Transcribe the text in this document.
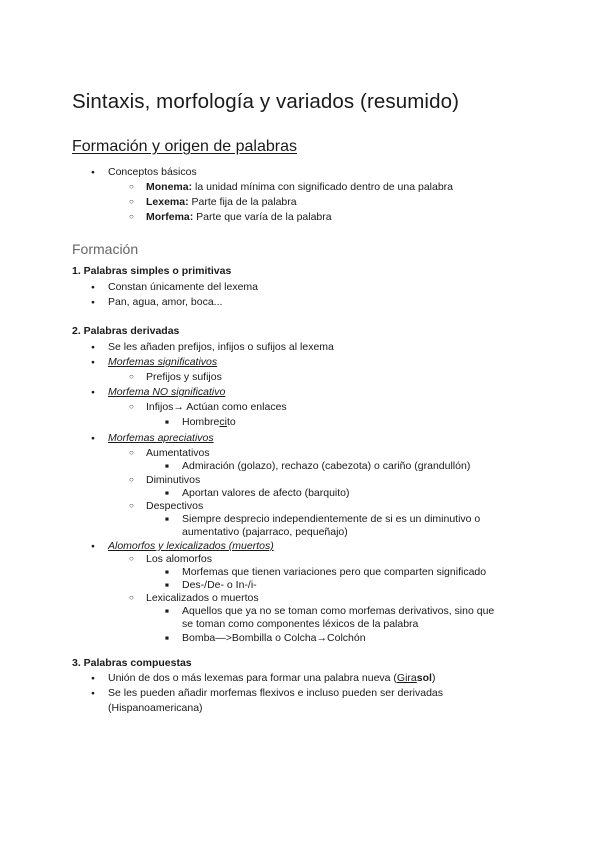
Sintaxis, morfología y variados (resumido)
Formación y origen de palabras
●
Conceptos básicos
○
Monema: la unidad mínima con significado dentro de una palabra
○
Lexema: Parte fija de la palabra
○
Morfema: Parte que varía de la palabra
Formación
1. Palabras simples o primitivas
●
Constan únicamente del lexema
●
Pan, agua, amor, boca...
2. Palabras derivadas
●
Se les añaden prefijos, infijos o sufijos al lexema
●
Morfemas significativos
○
Prefijos y sufijos
●
Morfema NO significativo
○
Infijos→ Actúan como enlaces
■
Hombrecito
●
Morfemas apreciativos
○
Aumentativos
■
Admiración (golazo), rechazo (cabezota) o cariño (grandullón)
○
Diminutivos
■
Aportan valores de afecto (barquito)
○
Despectivos
■
Siempre desprecio independientemente de si es un diminutivo o
aumentativo (pajarraco, pequeñajo)
●
Alomorfos y lexicalizados (muertos)
○
Los alomorfos
■
Morfemas que tienen variaciones pero que comparten significado
■
Des-/De- o In-/i-
○
Lexicalizados o muertos
■
Aquellos que ya no se toman como morfemas derivativos, sino que
se toman como componentes léxicos de la palabra
■
Bomba—>Bombilla o Colcha→Colchón
3. Palabras compuestas
●
Unión de dos o más lexemas para formar una palabra nueva (Girasol)
●
Se les pueden añadir morfemas flexivos e incluso pueden ser derivadas
(Hispanoamericana)
